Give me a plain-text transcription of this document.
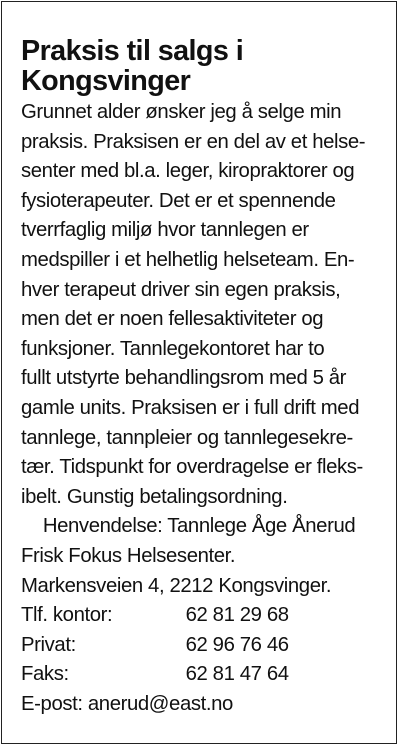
Praksis til salgs i
Kongsvinger
Grunnet alder ønsker jeg å selge min
praksis. Praksisen er en del av et helse-
senter med bl.a. leger, kiropraktorer og
fysioterapeuter. Det er et spennende
tverrfaglig miljø hvor tannlegen er
medspiller i et helhetlig helseteam. En-
hver terapeut driver sin egen praksis,
men det er noen fellesaktiviteter og
funksjoner. Tannlegekontoret har to
fullt utstyrte behandlingsrom med 5 år
gamle units. Praksisen er i full drift med
tannlege, tannpleier og tannlegesekre-
tær. Tidspunkt for overdragelse er fleks-
ibelt. Gunstig betalingsordning.
Henvendelse: Tannlege Åge Ånerud
Frisk Fokus Helsesenter.
Markensveien 4, 2212 Kongsvinger.
Tlf. kontor:	62 81 29 68
Privat:	62 96 76 46
Faks:	62 81 47 64
E-post: anerud@east.no
